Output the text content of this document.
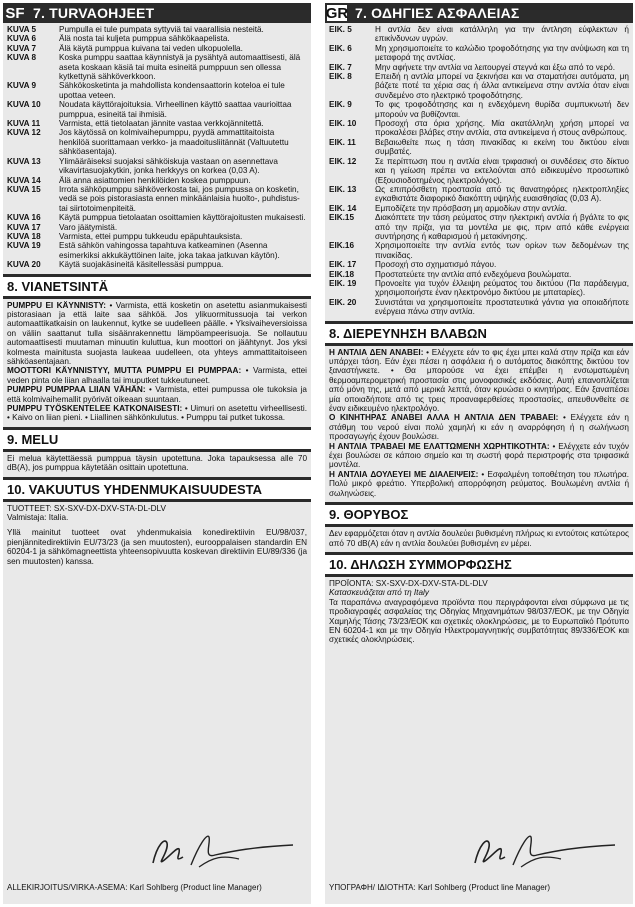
SF 7. TURVAOHJEET
KUVA 5	Pumpulla ei tule pumpata syttyviä tai vaarallisia nesteitä.
KUVA 6	Älä nosta tai kuljeta pumppua sähkökaapelista.
KUVA 7	Älä käytä pumppua kuivana tai veden ulkopuolella.
KUVA 8	Koska pumppu saattaa käynnistyä ja pysähtyä automaattisesti, älä aseta koskaan käsiä tai muita esineitä pumppuun sen ollessa kytkettynä sähköverkkoon.
KUVA 9	Sähkökosketinta ja mahdollista kondensaattorin koteloa ei tule upottaa veteen.
KUVA 10	Noudata käyttörajoituksia. Virheellinen käyttö saattaa vaurioittaa pumppua, esineitä tai ihmisiä.
KUVA 11	Varmista, että tietolaatan jännite vastaa verkkojännitettä.
KUVA 12	Jos käytössä on kolmivaihepumppu, pyydä ammattitaitoista henkilöä suorittamaan verkko- ja maadoitusliitännät (Valtuutettu sähköasentaja).
KUVA 13	Ylimääräiseksi suojaksi sähköiskuja vastaan on asennettava vikavirtasuojakytkin, jonka herkkyys on korkea (0,03 A).
KUVA 14	Älä anna asiattomien henkilöiden koskea pumppuun.
KUVA 15	Irrota sähköpumppu sähköverkosta tai, jos pumpussa on kosketin, vedä se pois pistorasiasta ennen minkäänlaisia huolto-, puhdistus- tai siirtotoimenpiteitä.
KUVA 16	Käytä pumppua tietolaatan osoittamien käyttörajoitusten mukaisesti.
KUVA 17	Varo jäätymistä.
KUVA 18	Varmista, ettei pumppu tukkeudu epäpuhtauksista.
KUVA 19	Estä sähkön vahingossa tapahtuva katkeaminen (Asenna esimerkiksi akkukäyttöinen laite, joka takaa jatkuvan käytön).
KUVA 20	Käytä suojakäsineitä käsitellessäsi pumppua.
8. VIANETSINTÄ
PUMPPU EI KÄYNNISTY: • Varmista, että kosketin on asetettu asianmukaisesti pistorasiaan ja että laite saa sähköä. Jos ylikuormitussuoja tai verkon automaattikatkaisin on laukennut, kytke se uudelleen päälle. • Yksivaiheversioissa on väliin saattanut tulla sisäänrakennettu lämpöampeerisuoja. Se nollautuu automaattisesti muutaman minuutin kuluttua, kun moottori on jäähtynyt. Jos yksi kolmesta mainitusta suojasta laukeaa uudelleen, ota yhteys ammattitaitoiseen sähköasentajaan.
MOOTTORI KÄYNNISTYY, MUTTA PUMPPU EI PUMPPAA: • Varmista, ettei veden pinta ole liian alhaalla tai imuputket tukkeutuneet.
PUMPPU PUMPPAA LIIAN VÄHÄN: • Varmista, ettei pumpussa ole tukoksia ja että kolmivaihemallit pyörivät oikeaan suuntaan.
PUMPPU TYÖSKENTELEE KATKONAISESTI: • Uimuri on asetettu virheellisesti. • Kaivo on liian pieni. • Liiallinen sähkönkulutus. • Pumppu tai putket tukossa.
9. MELU
Ei melua käytettäessä pumppua täysin upotettuna. Joka tapauksessa alle 70 dB(A), jos pumppua käytetään osittain upotettuna.
10. VAKUUTUS YHDENMUKAISUUDESTA
TUOTTEET: SX-SXV-DX-DXV-STA-DL-DLV
Valmistaja: Italia.
Yllä mainitut tuotteet ovat yhdenmukaisia konedirektiivin EU/98/037, pienjännitedirektiivin EU/73/23 (ja sen muutosten), eurooppalaisen standardin EN 60204-1 ja sähkömagneettista yhteensopivuutta koskevan direktiivin EU/89/336 (ja sen muutosten) kanssa.
ALLEKIRJOITUS/VIRKA-ASEMA: Karl Sohlberg (Product line Manager)
GR 7. ΟΔΗΓΙΕΣ ΑΣΦΑΛΕΙΑΣ
ΕΙΚ. 5	Η αντλία δεν είναι κατάλληλη για την άντληση εύφλεκτων ή επικίνδυνων υγρών.
ΕΙΚ. 6	Μη χρησιμοποιείτε το καλώδιο τροφοδότησης για την ανύψωση και τη μεταφορά της αντλίας.
ΕΙΚ. 7	Μην αφήνετε την αντλία να λειτουργεί στεγνά και έξω από το νερό.
ΕΙΚ. 8	Επειδή η αντλία μπορεί να ξεκινήσει και να σταματήσει αυτόματα, μη βάζετε ποτέ τα χέρια σας ή άλλα αντικείμενα στην αντλία όταν είναι συνδεμένο στο ηλεκτρικό τροφοδότησης.
ΕΙΚ. 9	Το φις τροφοδότησης και η ενδεχόμενη θυρίδα συμπυκνωτή δεν μπορούν να βυθίζονται.
ΕΙΚ. 10	Προσοχή στα όρια χρήσης. Μία ακατάλληλη χρήση μπορεί να προκαλέσει βλάβες στην αντλία, στα αντικείμενα ή στους ανθρώπους.
ΕΙΚ. 11	Βεβαιωθείτε πως η τάση πινακίδας κι εκείνη του δικτύου είναι συμβατές.
ΕΙΚ. 12	Σε περίπτωση που η αντλία είναι τριφασική οι συνδέσεις στο δίκτυο και η γείωση πρέπει να εκτελούνται από ειδικευμένο προσωπικό (Εξουσιοδοτημένος ηλεκτρολόγος).
ΕΙΚ. 13	Ως επιπρόσθετη προστασία από τις θανατηφόρες ηλεκτροπληξίες εγκαθιστάτε διαφορικό διακόπτη υψηλής ευαισθησίας (0,03 A).
ΕΙΚ. 14	Εμποδίζετε την πρόσβαση μη αρμοδίων στην αντλία.
ΕΙΚ.15	Διακόπτετε την τάση ρεύματος στην ηλεκτρική αντλία ή βγάλτε το φις από την πρίζα, για τα μοντέλα με φις, πριν από κάθε ενέργεια συντήρησης ή καθαρισμού ή μετακίνησης.
ΕΙΚ.16	Χρησιμοποιείτε την αντλία εντός των ορίων των δεδομένων της πινακίδας.
ΕΙΚ. 17	Προσοχή στο σχηματισμό πάγου.
ΕΙΚ.18	Προστατεύετε την αντλία από ενδεχόμενα βουλώματα.
ΕΙΚ. 19	Προνοείτε για τυχόν έλλειψη ρεύματος του δικτύου (Πα παράδειγμα, χρησιμοποιήστε έναν ηλεκτρονόμο δικτύου με μπαταρίες).
ΕΙΚ. 20	Συνιστάται να χρησιμοποιείτε προστατευτικά γάντια για οποιαδήποτε ενέργεια πάνω στην αντλία.
8. ΔΙΕΡΕΥΝΗΣΗ ΒΛΑΒΩΝ
Η ΑΝΤΛΙΑ ΔΕΝ ΑΝΑΒΕΙ: • Ελέγχετε εάν το φις έχει μπει καλά στην πρίζα και εάν υπάρχει τάση. Εάν έχει πέσει η ασφάλεια ή ο αυτόματος διακόπτης δικτύου τον ξαναστήνκετε. • Θα μπορούσε να έχει επέμβει η ενσωματωμένη θερμοαμπερομετρική προστασία στις μονοφασικές εκδόσεις. Αυτή επανοπλίζεται από μόνη της, μετά από μερικά λεπτά, όταν κρυώσει ο κινητήρας. Εάν ξαναπέσει μία οποιαδήποτε από τις τρεις προαναφερθείσες προστασίες, απευθυνθείτε σε έναν ειδικευμένο ηλεκτρολόγο.
Ο ΚΙΝΗΤΗΡΑΣ ΑΝΑΒΕΙ ΑΛΛΑ Η ΑΝΤΛΙΑ ΔΕΝ ΤΡΑΒΑΕΙ: • Ελέγχετε εάν η στάθμη του νερού είναι πολύ χαμηλή κι εάν η αναρρόφηση ή η σωλήνωση προσαγωγής έχουν βουλώσει.
Η ΑΝΤΛΙΑ ΤΡΑΒΑΕΙ ΜΕ ΕΛΑΤΤΩΜΕΝΗ ΧΩΡΗΤΙΚΟΤΗΤΑ: • Ελέγχετε εάν τυχόν έχει βουλώσει σε κάποιο σημείο και τη σωστή φορά περιστροφής στα τριφασικά μοντέλα.
Η ΑΝΤΛΙΑ ΔΟΥΛΕΥΕΙ ΜΕ ΔΙΑΛΕΙΨΕΙΣ: • Εσφαλμένη τοποθέτηση του πλωτήρα. Πολύ μικρό φρεάτιο. Υπερβολική απορρόφηση ρεύματος. Βουλωμένη αντλία ή σωληνώσεις.
9. ΘΟΡΥΒΟΣ
Δεν εφαρμόζεται όταν η αντλία δουλεύει βυθισμένη πλήρως κι εντούτοις κατώτερος από 70 dB(A) εάν η αντλία δουλεύει βυθισμένη εν μέρει.
10. ΔΗΛΩΣΗ ΣΥΜΜΟΡΦΩΣΗΣ
ΠΡΟΪΟΝΤΑ: SX-SXV-DX-DXV-STA-DL-DLV
Κατασκευάζεται από τη Italy
Τα παραπάνω αναγραφόμενα προϊόντα που περιγράφονται είναι σύμφωνα με τις προδιαγραφές ασφαλείας της Οδηγίας Μηχανημάτων 98/037/ΕΟΚ, με την Οδηγία Χαμηλής Τάσης 73/23/ΕΟΚ και σχετικές ολοκληρώσεις, με το Ευρωπαϊκό Πρότυπο ΕΝ 60204-1 και με την Οδηγία Ηλεκτρομαγνητικής συμβατότητας 89/336/ΕΟΚ και σχετικές ολοκληρώσεις.
ΥΠΟΓΡΑΦΗ/ ΙΔΙΟΤΗΤΑ: Karl Sohlberg (Product line Manager)
